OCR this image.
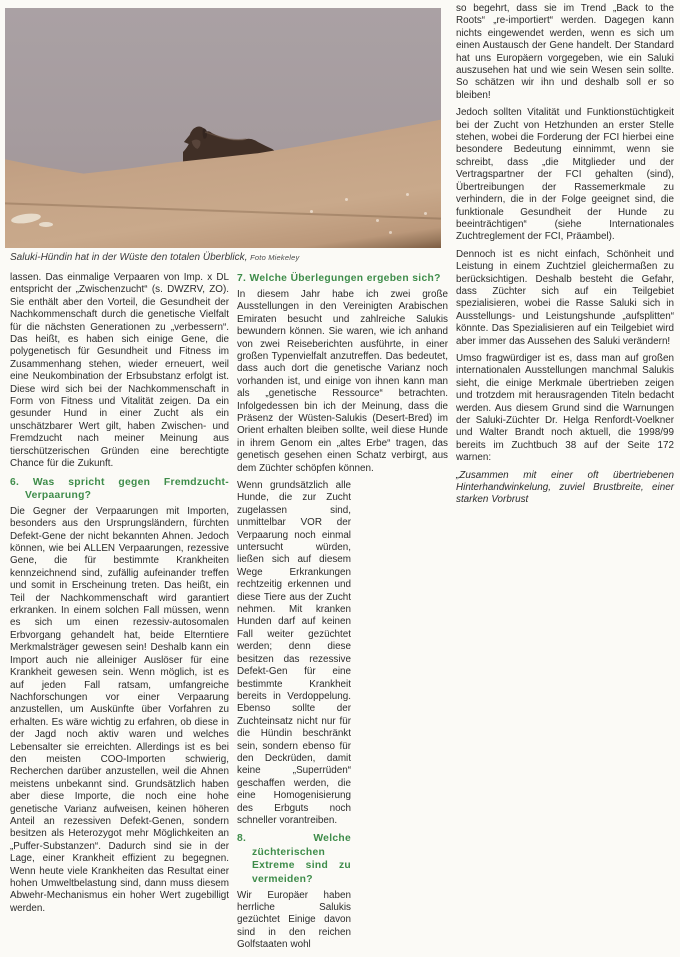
Saluki-Hündin hat in der Wüste den totalen Überblick, Foto Miekeley

lassen. Das einmalige Verpaaren von Imp. x DL entspricht der „Zwischenzucht“ (s. DWZRV, ZO). Sie enthält aber den Vorteil, die Gesundheit der Nachkommenschaft durch die genetische Vielfalt für die nächsten Generationen zu „verbessern“. Das heißt, es haben sich einige Gene, die polygenetisch für Gesundheit und Fitness im Zusammenhang stehen, wieder erneuert, weil eine Neukombination der Erbsubstanz erfolgt ist. Diese wird sich bei der Nachkommenschaft in Form von Fitness und Vitalität zeigen. Da ein gesunder Hund in einer Zucht als ein unschätzbarer Wert gilt, haben Zwischen- und Fremdzucht nach meiner Meinung aus tierschützerischen Gründen eine berechtigte Chance für die Zukunft.

6. Was spricht gegen Fremdzucht-Verpaarung?

Die Gegner der Verpaarungen mit Importen, besonders aus den Ursprungsländern, fürchten Defekt-Gene der nicht bekannten Ahnen. Jedoch können, wie bei ALLEN Verpaarungen, rezessive Gene, die für bestimmte Krankheiten kennzeichnend sind, zufällig aufeinander treffen und somit in Erscheinung treten. Das heißt, ein Teil der Nachkommenschaft wird garantiert erkranken. In einem solchen Fall müssen, wenn es sich um einen rezessiv-autosomalen Erbvorgang gehandelt hat, beide Elterntiere Merkmalsträger gewesen sein! Deshalb kann ein Import auch nie alleiniger Auslöser für eine Krankheit gewesen sein. Wenn möglich, ist es auf jeden Fall ratsam, umfangreiche Nachforschungen vor einer Verpaarung anzustellen, um Auskünfte über Vorfahren zu erhalten. Es wäre wichtig zu erfahren, ob diese in der Jagd noch aktiv waren und welches Lebensalter sie erreichten. Allerdings ist es bei den meisten COO-Importen schwierig, Recherchen darüber anzustellen, weil die Ahnen meistens unbekannt sind. Grundsätzlich haben aber diese Importe, die noch eine hohe genetische Varianz aufweisen, keinen höheren Anteil an rezessiven Defekt-Genen, sondern besitzen als Heterozygot mehr Möglichkeiten an „Puffer-Substanzen“. Dadurch sind sie in der Lage, einer Krankheit effizient zu begegnen. Wenn heute viele Krankheiten das Resultat einer hohen Umweltbelastung sind, dann muss diesem Abwehr-Mechanismus ein hoher Wert zugebilligt werden.

7. Welche Überlegungen ergeben sich?

In diesem Jahr habe ich zwei große Ausstellungen in den Vereinigten Arabischen Emiraten besucht und zahlreiche Salukis bewundern können. Sie waren, wie ich anhand von zwei Reiseberichten ausführte, in einer großen Typenvielfalt anzutreffen. Das bedeutet, dass auch dort die genetische Varianz noch vorhanden ist, und einige von ihnen kann man als „genetische Ressource“ betrachten. Infolgedessen bin ich der Meinung, dass die Präsenz der Wüsten-Salukis (Desert-Bred) im Orient erhalten bleiben sollte, weil diese Hunde in ihrem Genom ein „altes Erbe“ tragen, das genetisch gesehen einen Schatz verbirgt, aus dem Züchter schöpfen können.

Wenn grundsätzlich alle Hunde, die zur Zucht zugelassen sind, unmittelbar VOR der Verpaarung noch einmal untersucht würden, ließen sich auf diesem Wege Erkrankungen rechtzeitig erkennen und diese Tiere aus der Zucht nehmen. Mit kranken Hunden darf auf keinen Fall weiter gezüchtet werden; denn diese besitzen das rezessive Defekt-Gen für eine bestimmte Krankheit bereits in Verdoppelung. Ebenso sollte der Zuchteinsatz nicht nur für die Hündin beschränkt sein, sondern ebenso für den Deckrüden, damit keine „Superrüden“ geschaffen werden, die eine Homogenisierung des Erbguts noch schneller vorantreiben.

8. Welche züchterischen Extreme sind zu vermeiden?

Wir Europäer haben herrliche Salukis gezüchtet Einige davon sind in den reichen Golfstaaten wohl

so begehrt, dass sie im Trend „Back to the Roots“ „re-importiert“ werden. Dagegen kann nichts eingewendet werden, wenn es sich um einen Austausch der Gene handelt. Der Standard hat uns Europäern vorgegeben, wie ein Saluki auszusehen hat und wie sein Wesen sein sollte. So schätzen wir ihn und deshalb soll er so bleiben!

Jedoch sollten Vitalität und Funktionstüchtigkeit bei der Zucht von Hetzhunden an erster Stelle stehen, wobei die Forderung der FCI hierbei eine besondere Bedeutung einnimmt, wenn sie schreibt, dass „die Mitglieder und der Vertragspartner der FCI gehalten (sind), Übertreibungen der Rassemerkmale zu verhindern, die in der Folge geeignet sind, die funktionale Gesundheit der Hunde zu beeinträchtigen“ (siehe Internationales Zuchtreglement der FCI, Präambel).

Dennoch ist es nicht einfach, Schönheit und Leistung in einem Zuchtziel gleichermaßen zu berücksichtigen. Deshalb besteht die Gefahr, dass Züchter sich auf ein Teilgebiet spezialisieren, wobei die Rasse Saluki sich in Ausstellungs- und Leistungshunde „aufsplitten“ könnte. Das Spezialisieren auf ein Teilgebiet wird aber immer das Aussehen des Saluki verändern!

Umso fragwürdiger ist es, dass man auf großen internationalen Ausstellungen manchmal Salukis sieht, die einige Merkmale übertrieben zeigen und trotzdem mit herausragenden Titeln bedacht werden. Aus diesem Grund sind die Warnungen der Saluki-Züchter Dr. Helga Renfordt-Voelkner und Walter Brandt noch aktuell, die 1998/99 bereits im Zuchtbuch 38 auf der Seite 172 warnen:

„Zusammen mit einer oft übertriebenen Hinterhandwinkelung, zuviel Brustbreite, einer starken Vorbrust
